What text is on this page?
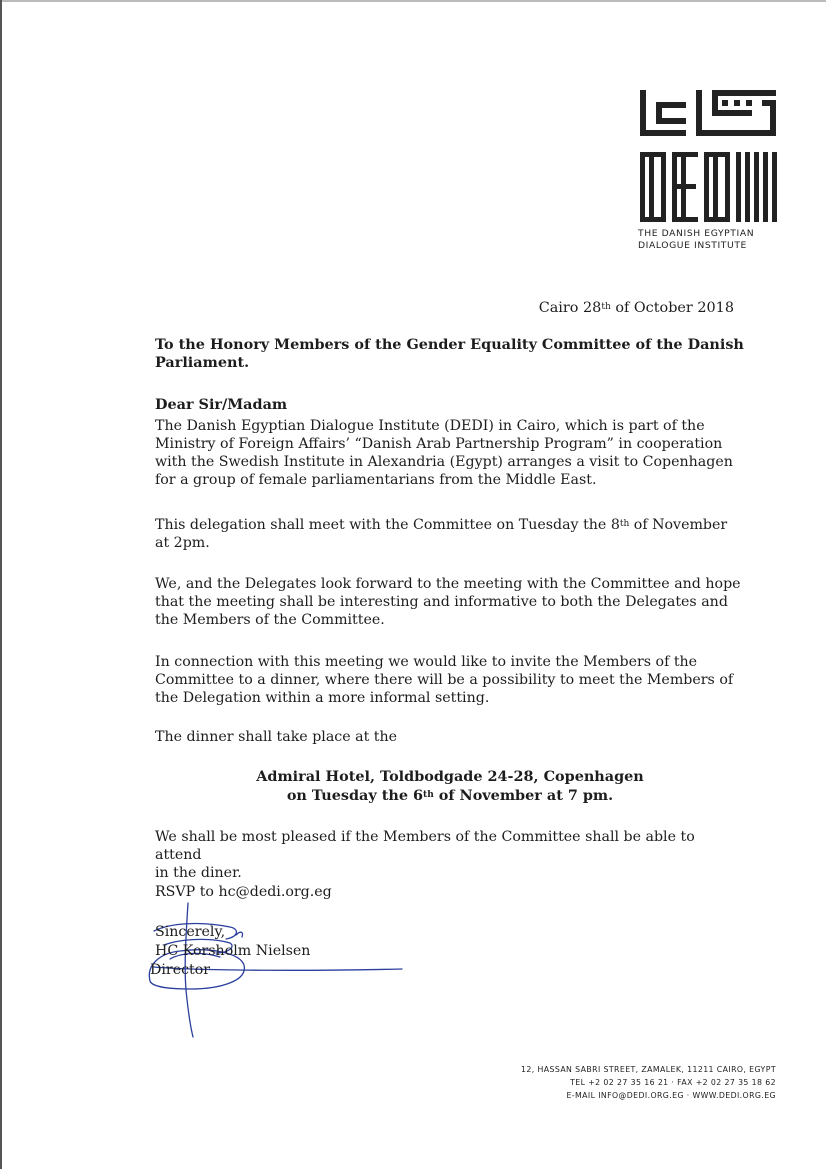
THE DANISH EGYPTIAN
DIALOGUE INSTITUTE
Cairo 28th of October 2018
To the Honory Members of the Gender Equality Committee of the Danish
Parliament.
Dear Sir/Madam
The Danish Egyptian Dialogue Institute (DEDI) in Cairo, which is part of the
Ministry of Foreign Affairs’ “Danish Arab Partnership Program” in cooperation
with the Swedish Institute in Alexandria (Egypt) arranges a visit to Copenhagen
for a group of female parliamentarians from the Middle East.
This delegation shall meet with the Committee on Tuesday the 8th of November
at 2pm.
We, and the Delegates look forward to the meeting with the Committee and hope
that the meeting shall be interesting and informative to both the Delegates and
the Members of the Committee.
In connection with this meeting we would like to invite the Members of the
Committee to a dinner, where there will be a possibility to meet the Members of
the Delegation within a more informal setting.
The dinner shall take place at the
Admiral Hotel, Toldbodgade 24-28, Copenhagen
on Tuesday the 6th of November at 7 pm.
We shall be most pleased if the Members of the Committee shall be able to attend
in the diner.
RSVP to hc@dedi.org.eg
Sincerely,
HC Korsholm Nielsen
Director
12, HASSAN SABRI STREET, ZAMALEK, 11211 CAIRO, EGYPT
TEL +2 02 27 35 16 21 · FAX +2 02 27 35 18 62
E-MAIL INFO@DEDI.ORG.EG · WWW.DEDI.ORG.EG
